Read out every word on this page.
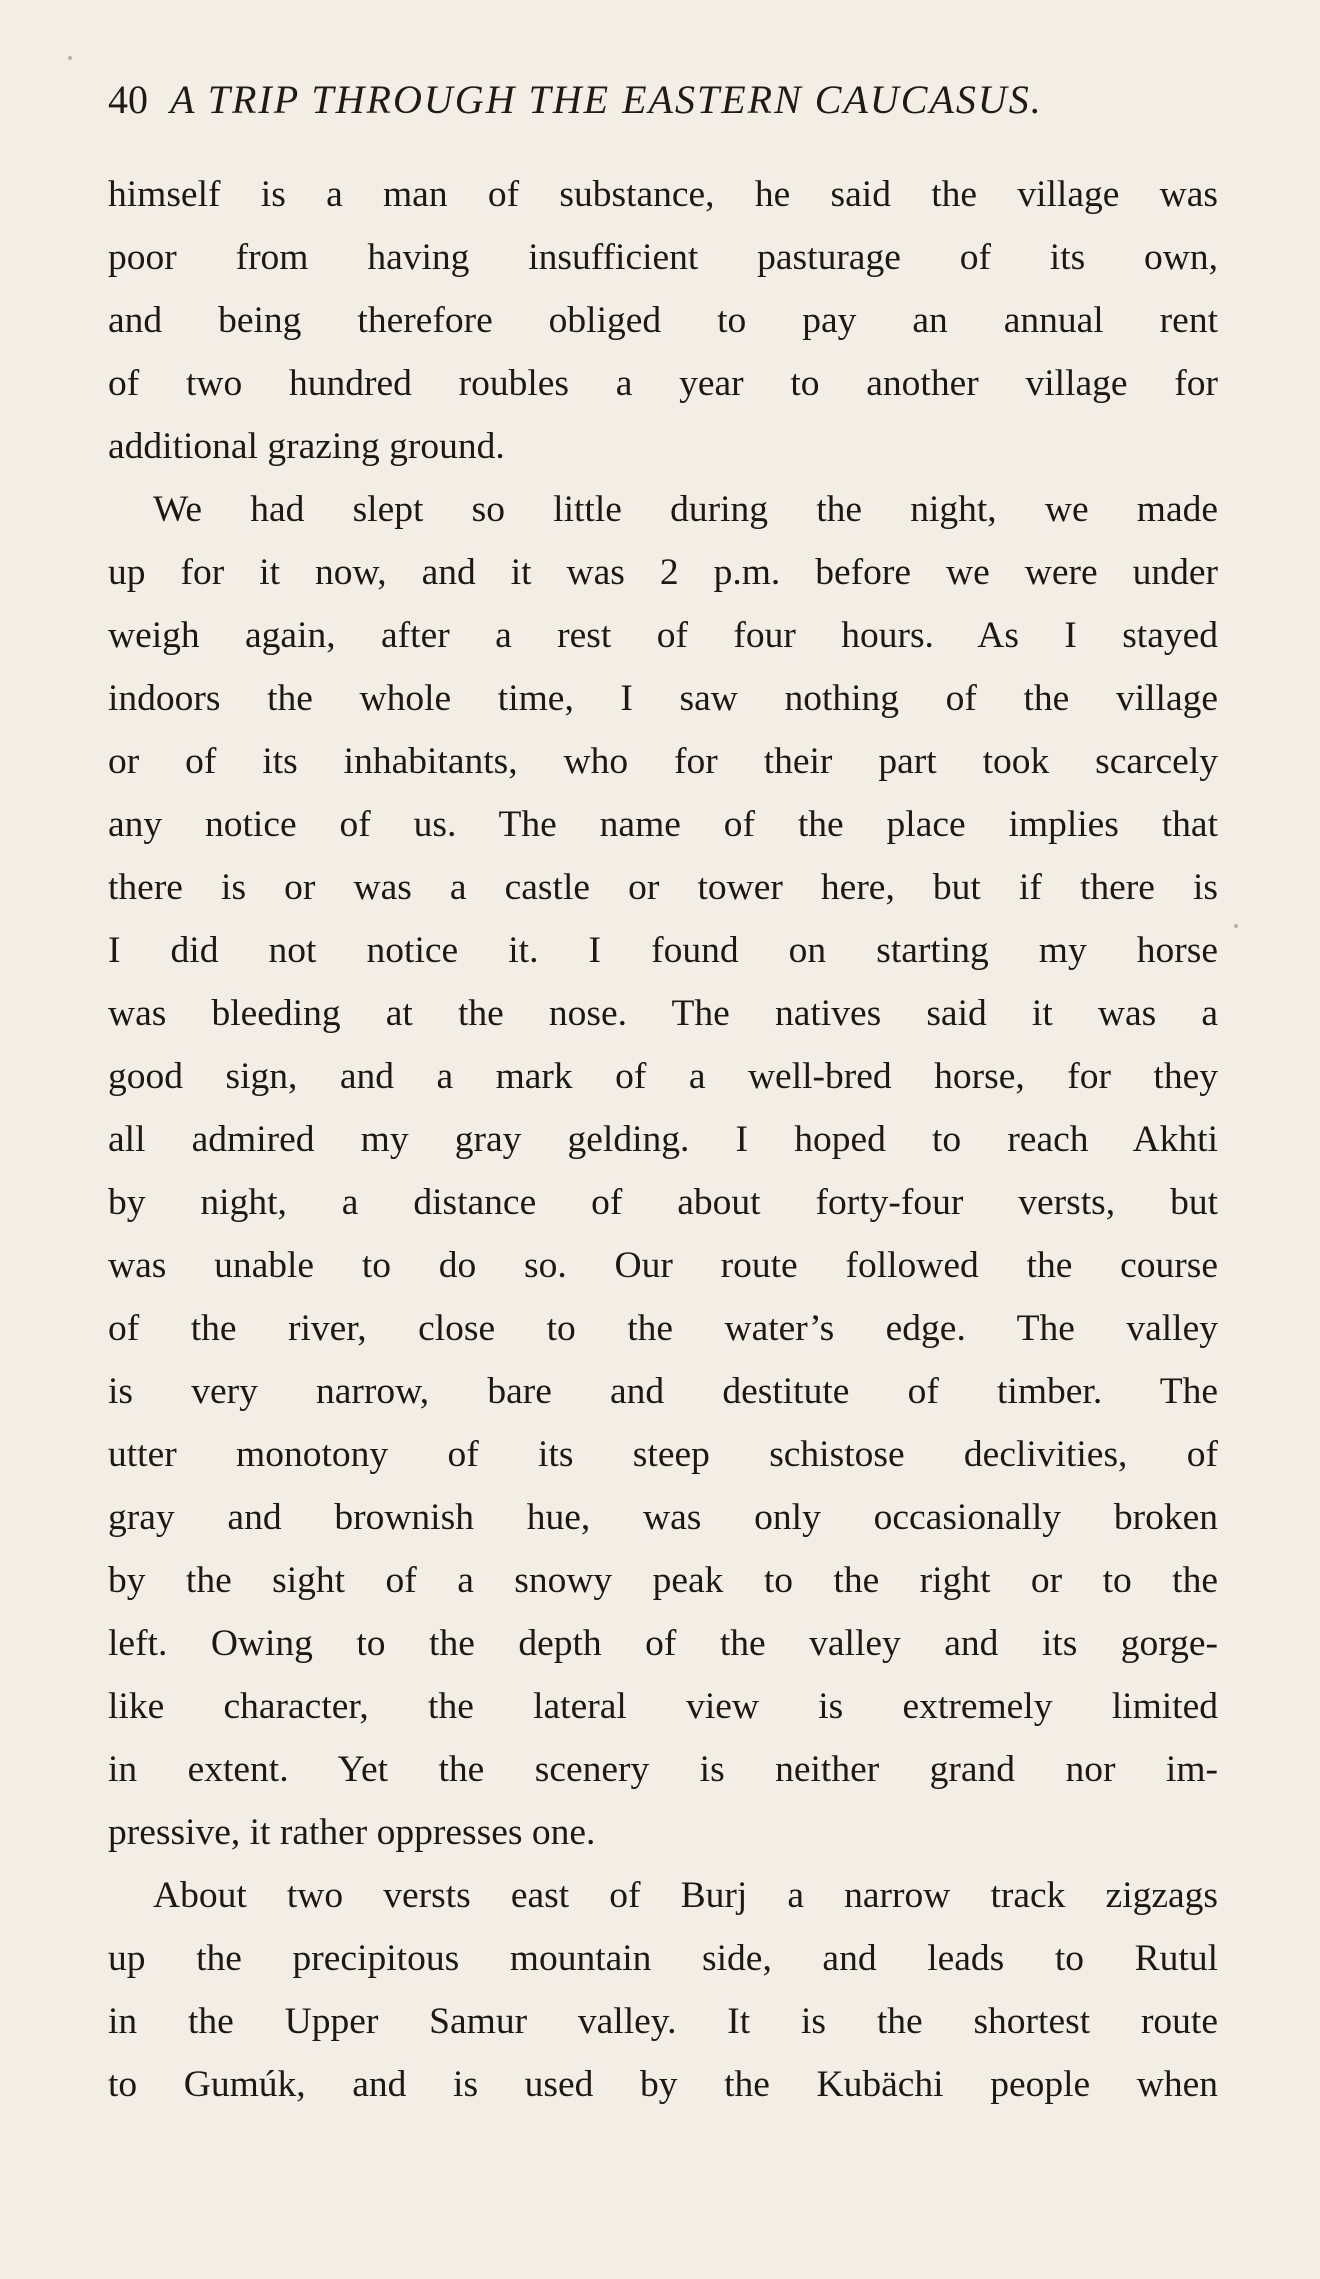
40 A TRIP THROUGH THE EASTERN CAUCASUS.
himself is a man of substance, he said the village was
poor from having insufficient pasturage of its own,
and being therefore obliged to pay an annual rent
of two hundred roubles a year to another village for
additional grazing ground.
We had slept so little during the night, we made
up for it now, and it was 2 p.m. before we were under
weigh again, after a rest of four hours. As I stayed
indoors the whole time, I saw nothing of the village
or of its inhabitants, who for their part took scarcely
any notice of us. The name of the place implies that
there is or was a castle or tower here, but if there is
I did not notice it. I found on starting my horse
was bleeding at the nose. The natives said it was a
good sign, and a mark of a well-bred horse, for they
all admired my gray gelding. I hoped to reach Akhti
by night, a distance of about forty-four versts, but
was unable to do so. Our route followed the course
of the river, close to the water’s edge. The valley
is very narrow, bare and destitute of timber. The
utter monotony of its steep schistose declivities, of
gray and brownish hue, was only occasionally broken
by the sight of a snowy peak to the right or to the
left. Owing to the depth of the valley and its gorge-
like character, the lateral view is extremely limited
in extent. Yet the scenery is neither grand nor im-
pressive, it rather oppresses one.
About two versts east of Burj a narrow track zigzags
up the precipitous mountain side, and leads to Rutul
in the Upper Samur valley. It is the shortest route
to Gumúk, and is used by the Kubächi people when
